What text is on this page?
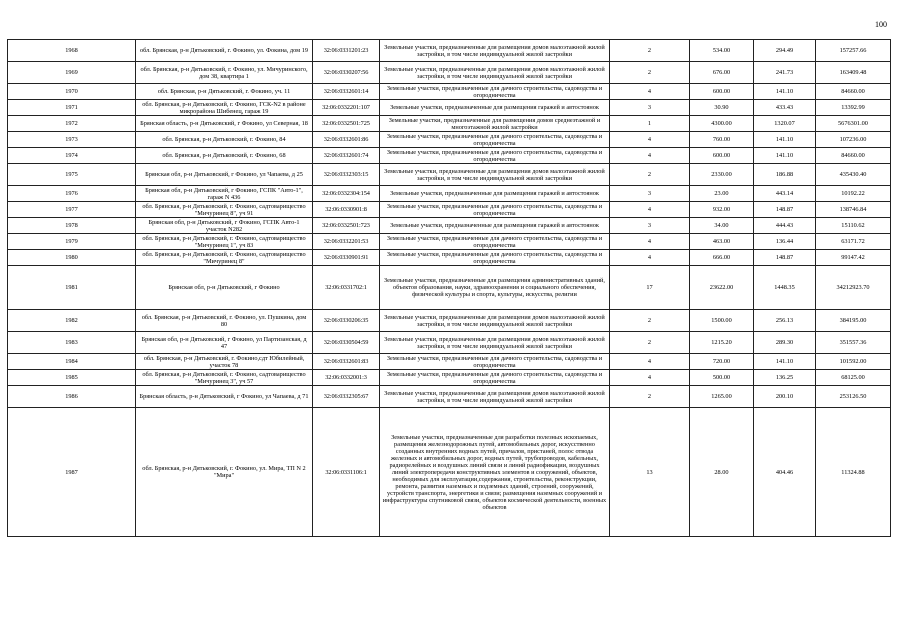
100
1968	обл. Брянская, р-н Дятьковский, г. Фокино, ул. Фокина, дом 19	32:06:0331201:23	Земельные участки, предназначенные для размещения домов малоэтажной жилой застройки, в том числе индивидуальной жилой застройки	2	534.00	294.49	157257.66
1969	обл. Брянская, р-н Дятьковский, г. Фокино, ул. Мичуринского, дом 38, квартира 1	32:06:0330207:56	Земельные участки, предназначенные для размещения домов малоэтажной жилой застройки, в том числе индивидуальной жилой застройки	2	676.00	241.73	163409.48
1970	обл. Брянская, р-н Дятьковский, г. Фокино, уч. 11	32:06:0332601:14	Земельные участки, предназначенные для дачного строительства, садоводства и огородничества	4	600.00	141.10	84660.00
1971	обл. Брянская, р-н Дятьковский, г. Фокино, ГСК-N2 в районе микрорайона Шибенец, гараж 19	32:06:0332201:107	Земельные участки, предназначенные для размещения гаражей и автостоянок	3	30.90	433.43	13392.99
1972	Брянская область, р-н Дятьковский, г Фокино, ул Северная, 18	32:06:0332501:725	Земельные участки, предназначенные для размещения домов среднеэтажной и многоэтажной жилой застройки	1	4300.00	1320.07	5676301.00
1973	обл. Брянская, р-н Дятьковский, г. Фокино, 84	32:06:0332601:86	Земельные участки, предназначенные для дачного строительства, садоводства и огородничества	4	760.00	141.10	107236.00
1974	обл. Брянская, р-н Дятьковский, г. Фокино, 68	32:06:0332601:74	Земельные участки, предназначенные для дачного строительства, садоводства и огородничества	4	600.00	141.10	84660.00
1975	Брянская обл, р-н Дятьковский, г Фокино, ул Чапаева, д 25	32:06:0332303:15	Земельные участки, предназначенные для размещения домов малоэтажной жилой застройки, в том числе индивидуальной жилой застройки	2	2330.00	186.88	435430.40
1976	Брянская обл, р-н Дятьковский, г Фокино, ГСПК "Авто-1", гараж N 436	32:06:0332304:154	Земельные участки, предназначенные для размещения гаражей и автостоянок	3	23.00	443.14	10192.22
1977	обл. Брянская, р-н Дятьковский, г. Фокино, садтоварищество "Мичуринец 8", уч 91	32:06:0330901:8	Земельные участки, предназначенные для дачного строительства, садоводства и огородничества	4	932.00	148.87	138746.84
1978	Брянская обл, р-н Дятьковский, г Фокино, ГСПК Авто-1 участок N282	32:06:0332501:723	Земельные участки, предназначенные для размещения гаражей и автостоянок	3	34.00	444.43	15110.62
1979	обл. Брянская, р-н Дятьковский, г. Фокино, садтоварищество "Мичуринец 1", уч 83	32:06:0332201:53	Земельные участки, предназначенные для дачного строительства, садоводства и огородничества	4	463.00	136.44	63171.72
1980	обл. Брянская, р-н Дятьковский, г. Фокино, садтоварищество "Мичуринец 8"	32:06:0330901:91	Земельные участки, предназначенные для дачного строительства, садоводства и огородничества	4	666.00	148.87	99147.42
1981	Брянская обл, р-н Дятьковский, г Фокино	32:06:0331702:1	Земельные участки, предназначенные для размещения административных зданий, объектов образования, науки, здравоохранения и социального обеспечения, физической культуры и спорта, культуры, искусства, религии	17	23622.00	1448.35	34212923.70
1982	обл. Брянская, р-н Дятьковский, г. Фокино, ул. Пушкина, дом 80	32:06:0330206:35	Земельные участки, предназначенные для размещения домов малоэтажной жилой застройки, в том числе индивидуальной жилой застройки	2	1500.00	256.13	384195.00
1983	Брянская обл, р-н Дятьковский, г Фокино, ул Партизанская, д 47	32:06:0330504:59	Земельные участки, предназначенные для размещения домов малоэтажной жилой застройки, в том числе индивидуальной жилой застройки	2	1215.20	289.30	351557.36
1984	обл. Брянская, р-н Дятьковский, г. Фокино,сдт Юбилейный, участок 78	32:06:0332601:83	Земельные участки, предназначенные для дачного строительства, садоводства и огородничества	4	720.00	141.10	101592.00
1985	обл. Брянская, р-н Дятьковский, г. Фокино, садтоварищество "Мичуринец 3", уч 57	32:06:0332001:3	Земельные участки, предназначенные для дачного строительства, садоводства и огородничества	4	500.00	136.25	68125.00
1986	Брянская область, р-н Дятьковский, г Фокино, ул Чапаева, д 71	32:06:0332305:67	Земельные участки, предназначенные для размещения домов малоэтажной жилой застройки, в том числе индивидуальной жилой застройки	2	1265.00	200.10	253126.50
1987	обл. Брянская, р-н Дятьковский, г. Фокино, ул. Мира, ТП N 2 "Мира"	32:06:0331106:1	Земельные участки, предназначенные для разработки полезных ископаемых, размещения железнодорожных путей, автомобильных дорог, искусственно созданных внутренних водных путей, причалов, пристаней, полос отвода железных и автомобильных дорог, водных путей, трубопроводов, кабельных, радиорелейных и воздушных линий связи и линий радиофикации, воздушных линий электропередачи конструктивных элементов и сооружений, объектов, необходимых для эксплуатации,содержания, строительства, реконструкции, ремонта, развития наземных и подземных зданий, строений, сооружений, устройств транспорта, энергетики и связи; размещения наземных сооружений и инфраструктуры спутниковой связи, объектов космической деятельности, военных объектов	13	28.00	404.46	11324.88
